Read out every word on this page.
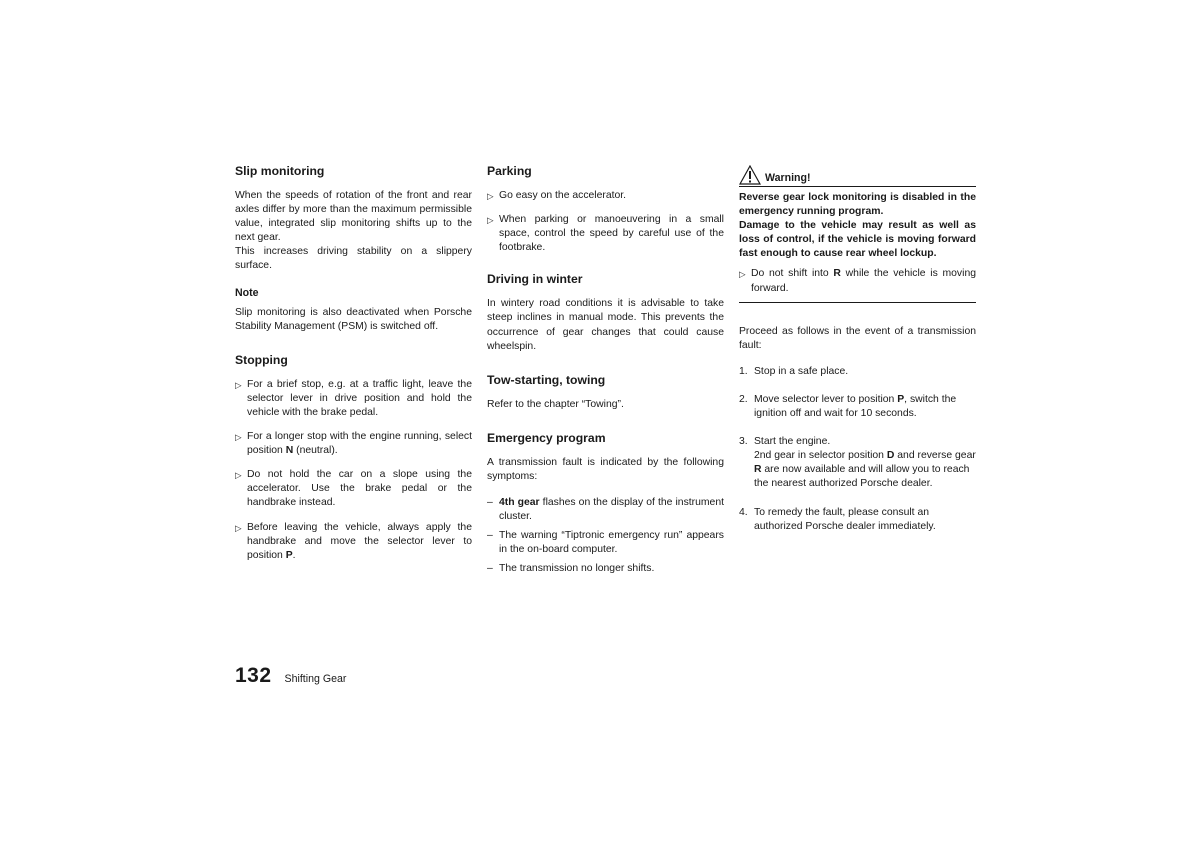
Slip monitoring

When the speeds of rotation of the front and rear axles differ by more than the maximum permissible value, integrated slip monitoring shifts up to the next gear.

This increases driving stability on a slippery surface.

Note

Slip monitoring is also deactivated when Porsche Stability Management (PSM) is switched off.

Stopping
▷ For a brief stop, e.g. at a traffic light, leave the selector lever in drive position and hold the vehicle with the brake pedal.
▷ For a longer stop with the engine running, select position N (neutral).
▷ Do not hold the car on a slope using the accelerator. Use the brake pedal or the handbrake instead.
▷ Before leaving the vehicle, always apply the handbrake and move the selector lever to position P.
Parking
▷ Go easy on the accelerator.
▷ When parking or manoeuvering in a small space, control the speed by careful use of the footbrake.
Driving in winter

In wintery road conditions it is advisable to take steep inclines in manual mode. This prevents the occurrence of gear changes that could cause wheelspin.

Tow-starting, towing

Refer to the chapter “Towing”.

Emergency program

A transmission fault is indicated by the following symptoms:

– 4th gear flashes on the display of the instrument cluster.
– The warning “Tiptronic emergency run” appears in the on-board computer.
– The transmission no longer shifts.
Warning!
Reverse gear lock monitoring is disabled in the emergency running program.
Damage to the vehicle may result as well as loss of control, if the vehicle is moving forward fast enough to cause rear wheel lockup.
▷ Do not shift into R while the vehicle is moving forward.

Proceed as follows in the event of a transmission fault:

1. Stop in a safe place.
2. Move selector lever to position P, switch the ignition off and wait for 10 seconds.
3. Start the engine.
2nd gear in selector position D and reverse gear R are now available and will allow you to reach the nearest authorized Porsche dealer.
4. To remedy the fault, please consult an authorized Porsche dealer immediately.
132 Shifting Gear
